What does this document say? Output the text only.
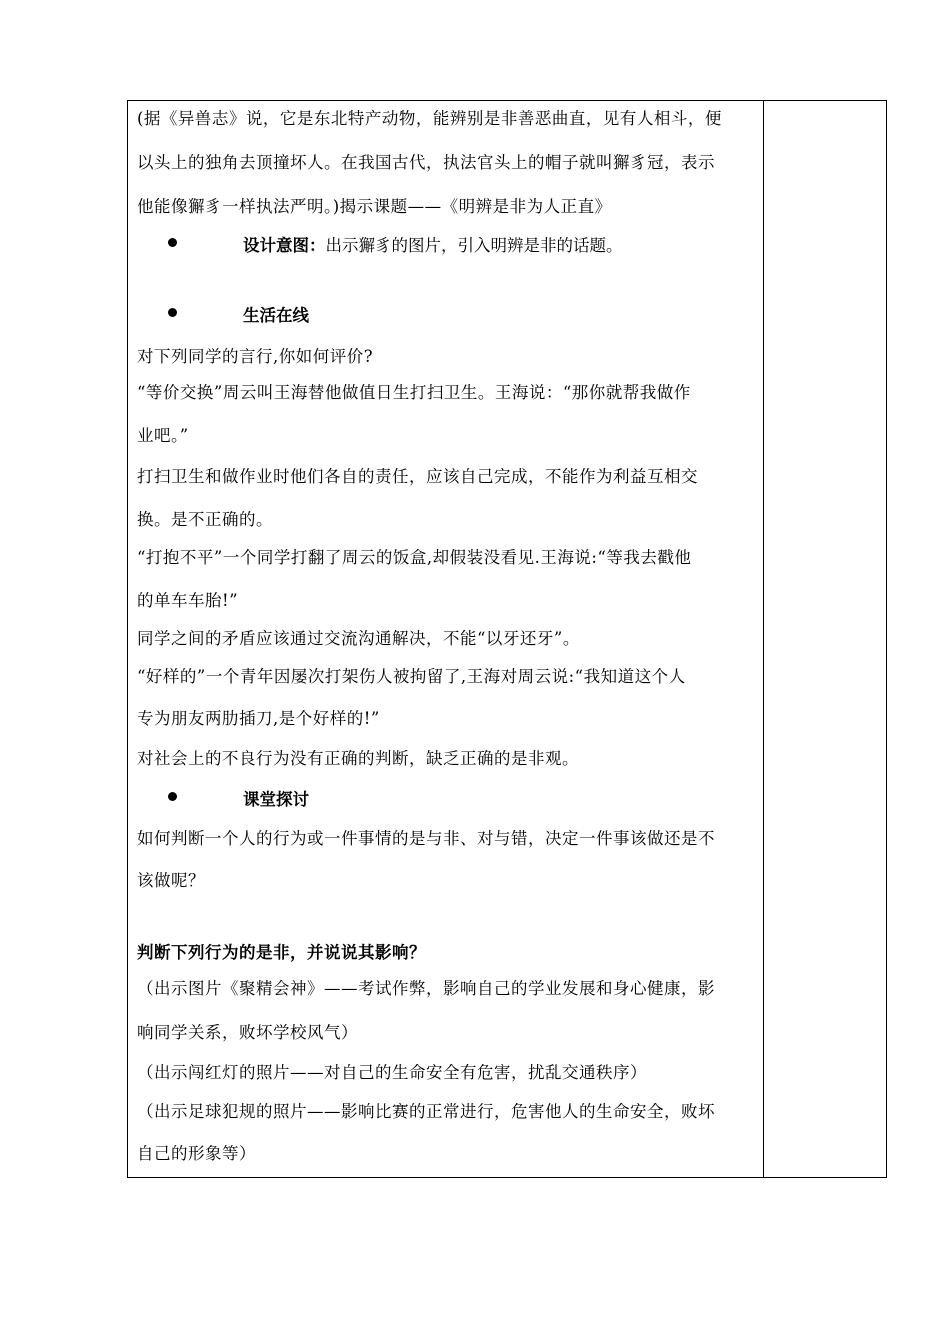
(据《异兽志》说，它是东北特产动物，能辨别是非善恶曲直，见有人相斗，便
以头上的独角去顶撞坏人。在我国古代，执法官头上的帽子就叫獬豸冠，表示
他能像獬豸一样执法严明。)揭示课题——《明辨是非为人正直》
设计意图：出示獬豸的图片，引入明辨是非的话题。
生活在线
对下列同学的言行,你如何评价?
“等价交换”周云叫王海替他做值日生打扫卫生。王海说：“那你就帮我做作
业吧。”
打扫卫生和做作业时他们各自的责任，应该自己完成，不能作为利益互相交
换。是不正确的。
“打抱不平”一个同学打翻了周云的饭盒,却假装没看见.王海说:“等我去戳他
的单车车胎!”
同学之间的矛盾应该通过交流沟通解决，不能“以牙还牙”。
“好样的”一个青年因屡次打架伤人被拘留了,王海对周云说:“我知道这个人
专为朋友两肋插刀,是个好样的!”
对社会上的不良行为没有正确的判断，缺乏正确的是非观。
课堂探讨
如何判断一个人的行为或一件事情的是与非、对与错，决定一件事该做还是不
该做呢？
判断下列行为的是非，并说说其影响？
（出示图片《聚精会神》——考试作弊，影响自己的学业发展和身心健康，影
响同学关系，败坏学校风气）
（出示闯红灯的照片——对自己的生命安全有危害，扰乱交通秩序）
（出示足球犯规的照片——影响比赛的正常进行，危害他人的生命安全，败坏
自己的形象等）
